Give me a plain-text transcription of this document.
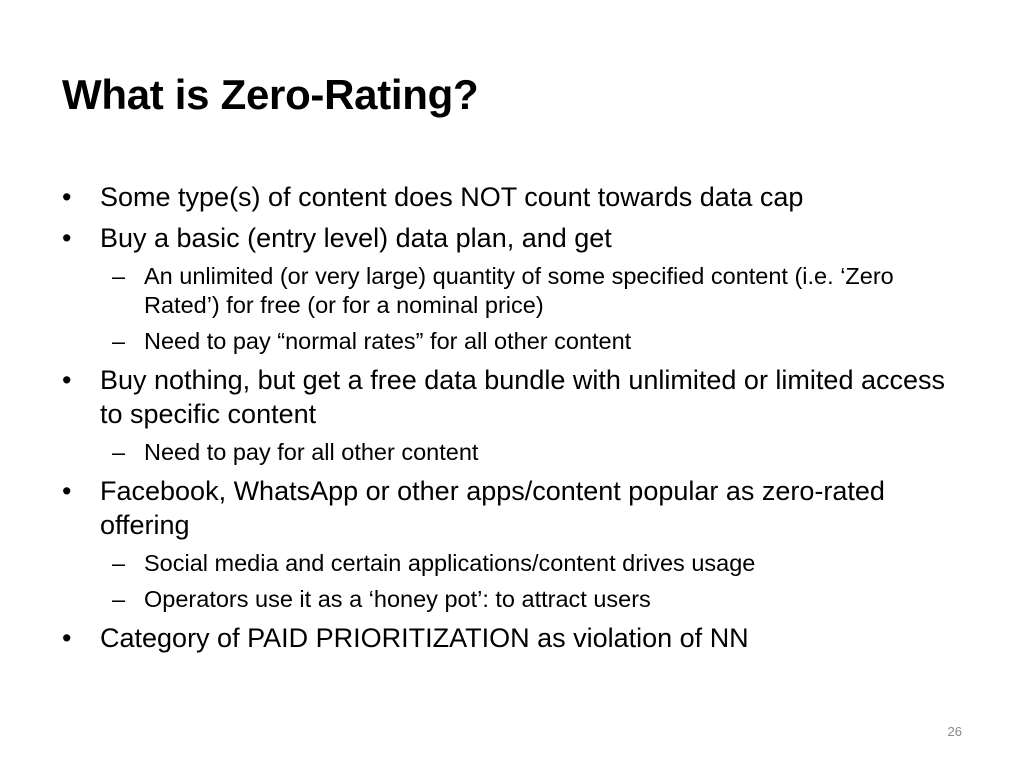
What is Zero-Rating?
•	Some type(s) of content does NOT count towards data cap
•	Buy a basic (entry level) data plan, and get
– An unlimited (or very large) quantity of some specified content (i.e. ‘Zero Rated’) for free (or for a nominal price)
– Need to pay “normal rates” for all other content
•	Buy nothing, but get a free data bundle with unlimited or limited access to specific content
– Need to pay for all other content
•	Facebook, WhatsApp or other apps/content popular as zero-rated offering
– Social media and certain applications/content drives usage
– Operators use it as a ‘honey pot’: to attract users
•	Category of PAID PRIORITIZATION as violation of NN
26
